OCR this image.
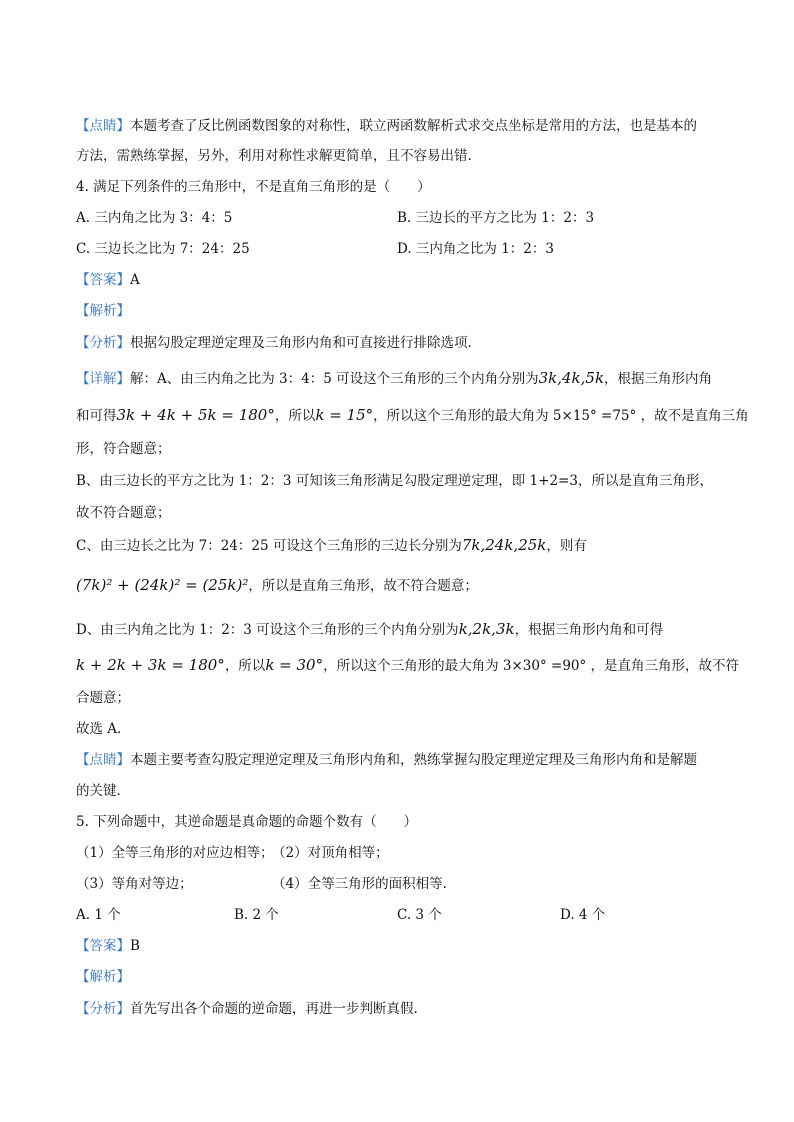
【点睛】本题考查了反比例函数图象的对称性，联立两函数解析式求交点坐标是常用的方法，也是基本的
方法，需熟练掌握，另外，利用对称性求解更简单，且不容易出错.
4. 满足下列条件的三角形中，不是直角三角形的是（　　）
A. 三内角之比为 3：4：5	B. 三边长的平方之比为 1：2：3
C. 三边长之比为 7：24：25	D. 三内角之比为 1：2：3
【答案】A
【解析】
【分析】根据勾股定理逆定理及三角形内角和可直接进行排除选项.
【详解】解：A、由三内角之比为 3：4：5 可设这个三角形的三个内角分别为3k,4k,5k，根据三角形内角
和可得3k + 4k + 5k = 180°，所以k = 15°，所以这个三角形的最大角为 5×15° =75° ，故不是直角三角
形，符合题意；
B、由三边长的平方之比为 1：2：3 可知该三角形满足勾股定理逆定理，即 1+2=3，所以是直角三角形，
故不符合题意；
C、由三边长之比为 7：24：25 可设这个三角形的三边长分别为7k,24k,25k，则有
(7k)² + (24k)² = (25k)²，所以是直角三角形，故不符合题意；
D、由三内角之比为 1：2：3 可设这个三角形的三个内角分别为k,2k,3k，根据三角形内角和可得
k + 2k + 3k = 180°，所以k = 30°，所以这个三角形的最大角为 3×30° =90° ，是直角三角形，故不符
合题意；
故选 A.
【点睛】本题主要考查勾股定理逆定理及三角形内角和，熟练掌握勾股定理逆定理及三角形内角和是解题
的关键.
5. 下列命题中，其逆命题是真命题的命题个数有（　　）
（1）全等三角形的对应边相等；
（2）对顶角相等；
（3）等角对等边；	（4）全等三角形的面积相等.
A. 1 个	B. 2 个	C. 3 个	D. 4 个
【答案】B
【解析】
【分析】首先写出各个命题的逆命题，再进一步判断真假.
